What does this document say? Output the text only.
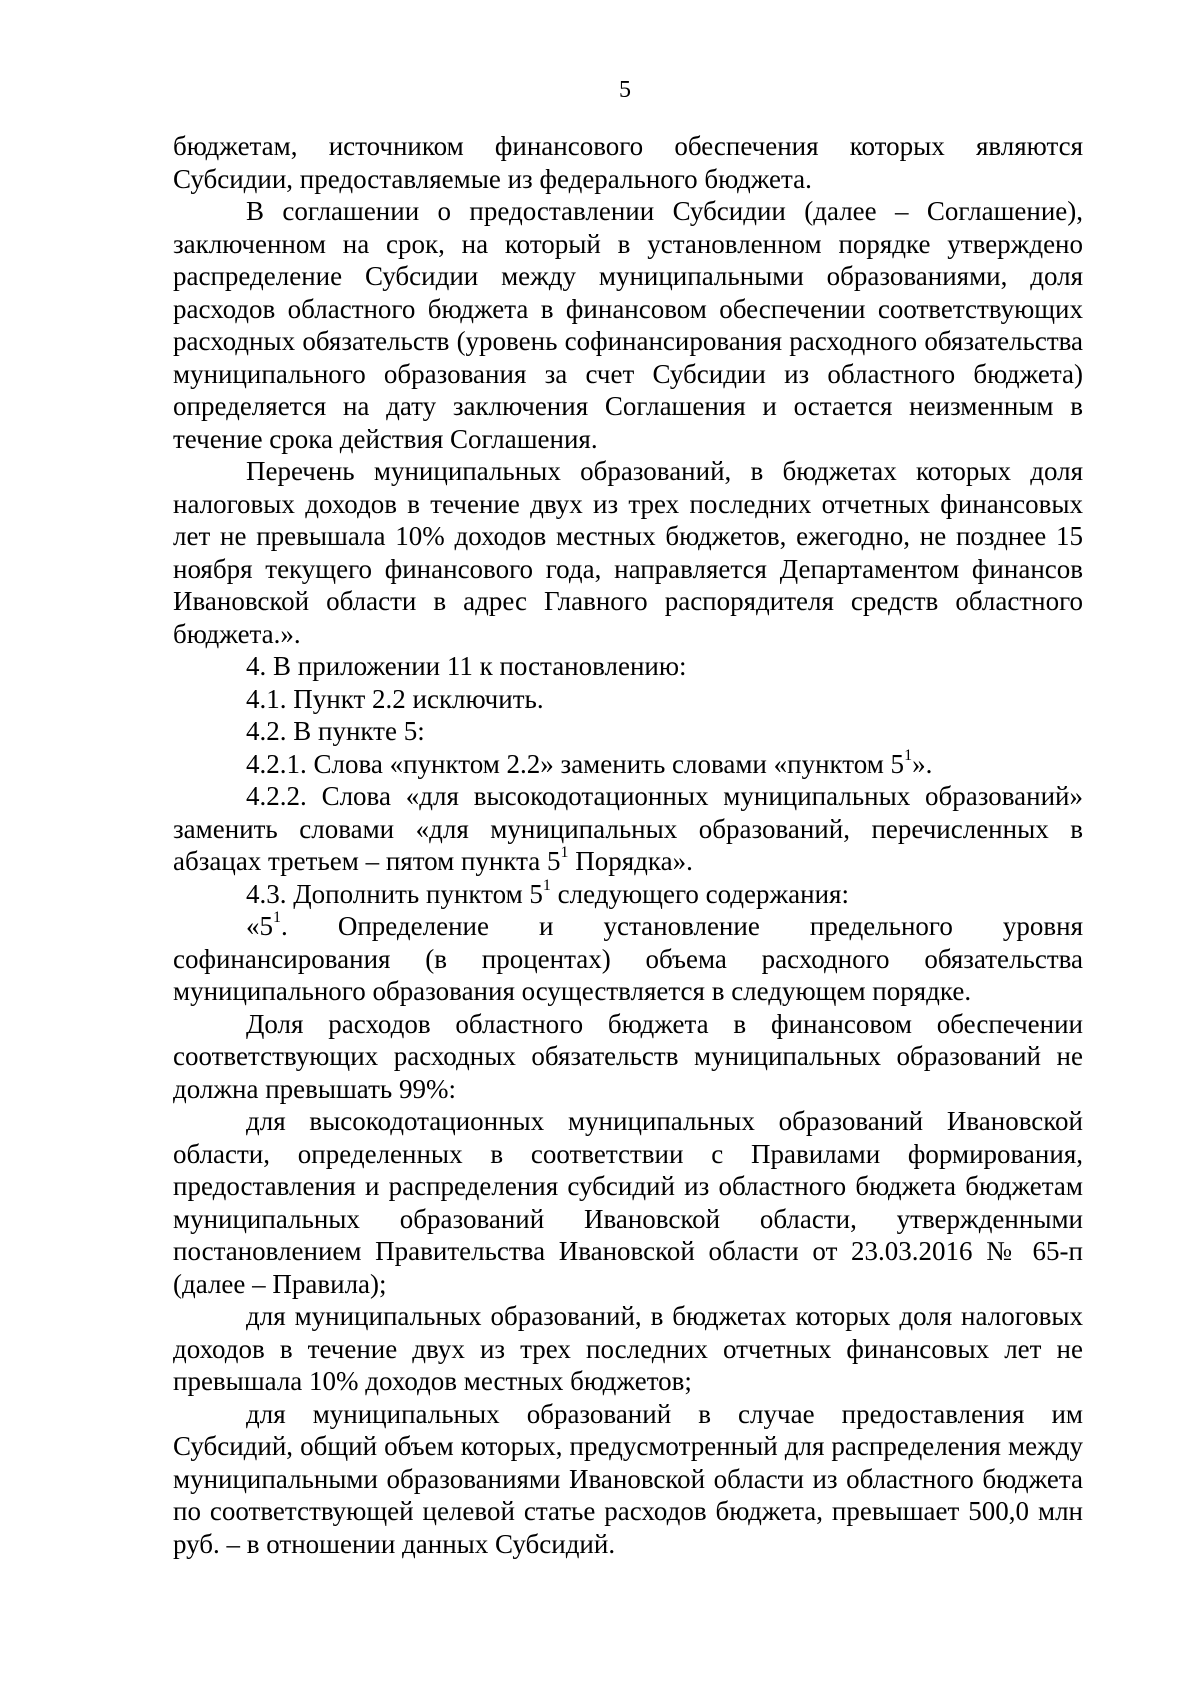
5

бюджетам, источником финансового обеспечения которых являются Субсидии, предоставляемые из федерального бюджета.

В соглашении о предоставлении Субсидии (далее – Соглашение), заключенном на срок, на который в установленном порядке утверждено распределение Субсидии между муниципальными образованиями, доля расходов областного бюджета в финансовом обеспечении соответствующих расходных обязательств (уровень софинансирования расходного обязательства муниципального образования за счет Субсидии из областного бюджета) определяется на дату заключения Соглашения и остается неизменным в течение срока действия Соглашения.

Перечень муниципальных образований, в бюджетах которых доля налоговых доходов в течение двух из трех последних отчетных финансовых лет не превышала 10% доходов местных бюджетов, ежегодно, не позднее 15 ноября текущего финансового года, направляется Департаментом финансов Ивановской области в адрес Главного распорядителя средств областного бюджета.».

4. В приложении 11 к постановлению:

4.1. Пункт 2.2 исключить.

4.2. В пункте 5:

4.2.1. Слова «пунктом 2.2» заменить словами «пунктом $5^1$».

4.2.2. Слова «для высокодотационных муниципальных образований» заменить словами «для муниципальных образований, перечисленных в абзацах третьем – пятом пункта $5^1$ Порядка».

4.3. Дополнить пунктом $5^1$ следующего содержания:

«$5^1$. Определение и установление предельного уровня софинансирования (в процентах) объема расходного обязательства муниципального образования осуществляется в следующем порядке.

Доля расходов областного бюджета в финансовом обеспечении соответствующих расходных обязательств муниципальных образований не должна превышать 99%:

для высокодотационных муниципальных образований Ивановской области, определенных в соответствии с Правилами формирования, предоставления и распределения субсидий из областного бюджета бюджетам муниципальных образований Ивановской области, утвержденными постановлением Правительства Ивановской области от 23.03.2016 № 65-п (далее – Правила);

для муниципальных образований, в бюджетах которых доля налоговых доходов в течение двух из трех последних отчетных финансовых лет не превышала 10% доходов местных бюджетов;

для муниципальных образований в случае предоставления им Субсидий, общий объем которых, предусмотренный для распределения между муниципальными образованиями Ивановской области из областного бюджета по соответствующей целевой статье расходов бюджета, превышает 500,0 млн руб. – в отношении данных Субсидий.
